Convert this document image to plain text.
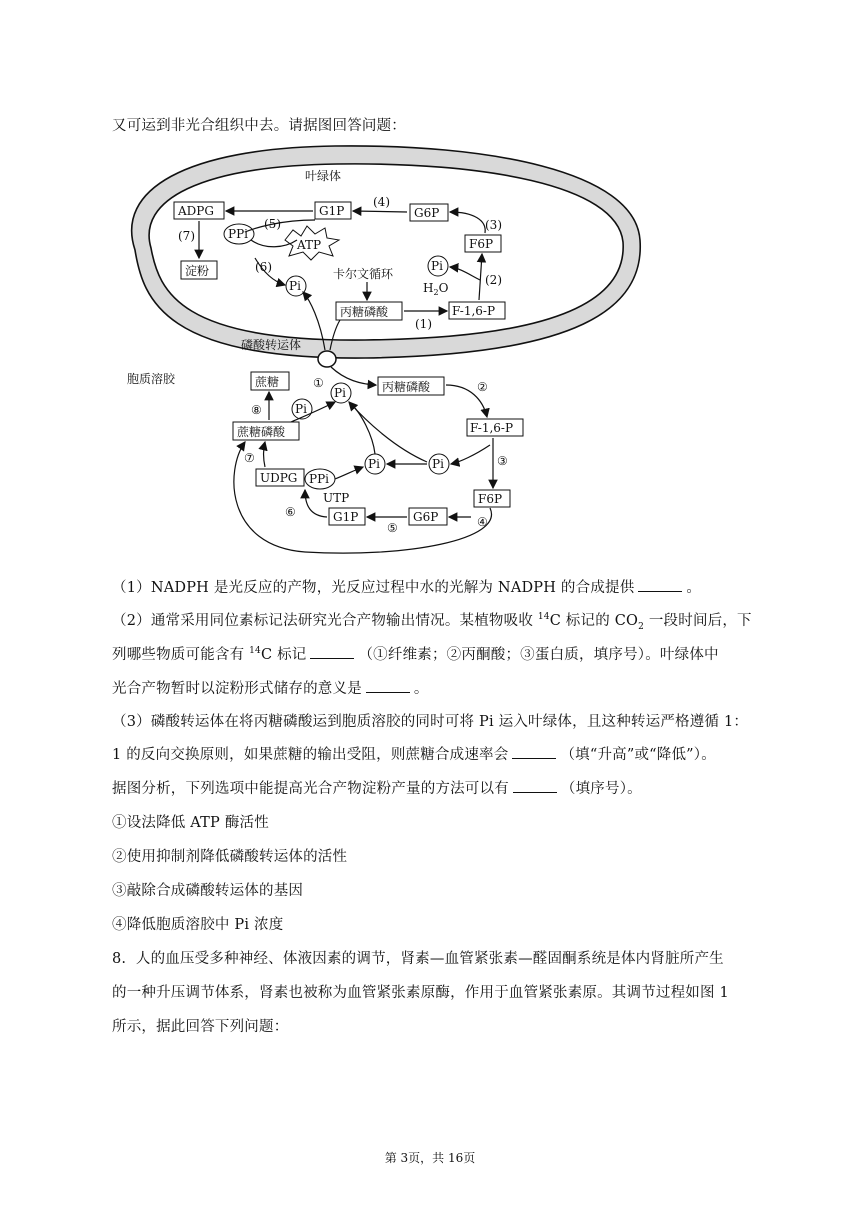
又可运到非光合组织中去。请据图回答问题：
叶绿体
胞质溶胶
磷酸转运体
ADPG	G1P	G6P
F6P
F-1,6-P
丙糖磷酸
淀粉
PPi
ATP
Pi
Pi
$H_2O$
卡尔文循环
(4)
(3)
(2)
(1)
(5)
(6)
(7)
蔗糖
蔗糖磷酸
丙糖磷酸
F-1,6-P
F6P
G6P
G1P
UDPG PPi
UTP
Pi
Pi
Pi	Pi
①	②
③
④
⑤
⑥
⑦
⑧
（1）NADPH 是光反应的产物，光反应过程中水的光解为 NADPH 的合成提供	。
（2）通常采用同位素标记法研究光合产物输出情况。某植物吸收 $^{14}$C 标记的 $CO_2$ 一段时间后，下
列哪些物质可能含有 $^{14}$C 标记	（①纤维素；②丙酮酸；③蛋白质，填序号）。叶绿体中
光合产物暂时以淀粉形式储存的意义是	。
（3）磷酸转运体在将丙糖磷酸运到胞质溶胶的同时可将 Pi 运入叶绿体，且这种转运严格遵循 1：
1 的反向交换原则，如果蔗糖的输出受阻，则蔗糖合成速率会	（填“升高”或“降低”）。
据图分析，下列选项中能提高光合产物淀粉产量的方法可以有	（填序号）。
①设法降低 ATP 酶活性
②使用抑制剂降低磷酸转运体的活性
③敲除合成磷酸转运体的基因
④降低胞质溶胶中 Pi 浓度
8. 人的血压受多种神经、体液因素的调节，肾素—血管紧张素—醛固酮系统是体内肾脏所产生
的一种升压调节体系，肾素也被称为血管紧张素原酶，作用于血管紧张素原。其调节过程如图 1
所示，据此回答下列问题：
第 3页，共 16页
